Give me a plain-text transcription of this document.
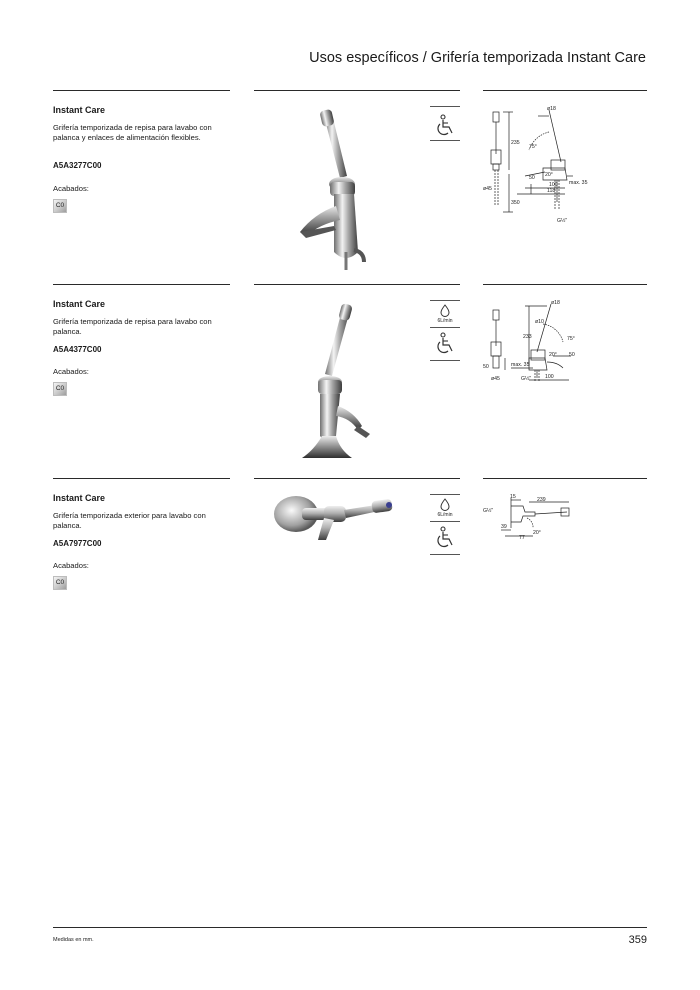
Usos específicos / Grifería temporizada Instant Care
Instant Care

Grifería temporizada de repisa para lavabo con palanca y enlaces de alimentación flexibles.

A5A3277C00
Acabados:
C0
ø18
235
350
75°
20°
50
100
118
max. 35
ø45
G½"
Instant Care

Grifería temporizada de repisa para lavabo con palanca.

A5A4377C00
Acabados:
C0
6L/min
ø18
ø10
233	75°
20° 50
50
100
max. 35
ø45	G½"
Instant Care

Grifería temporizada exterior para lavabo con palanca.

A5A7977C00
Acabados:
C0
6L/min
15	239
G½"
39
77
20°
Medidas en mm.	359
